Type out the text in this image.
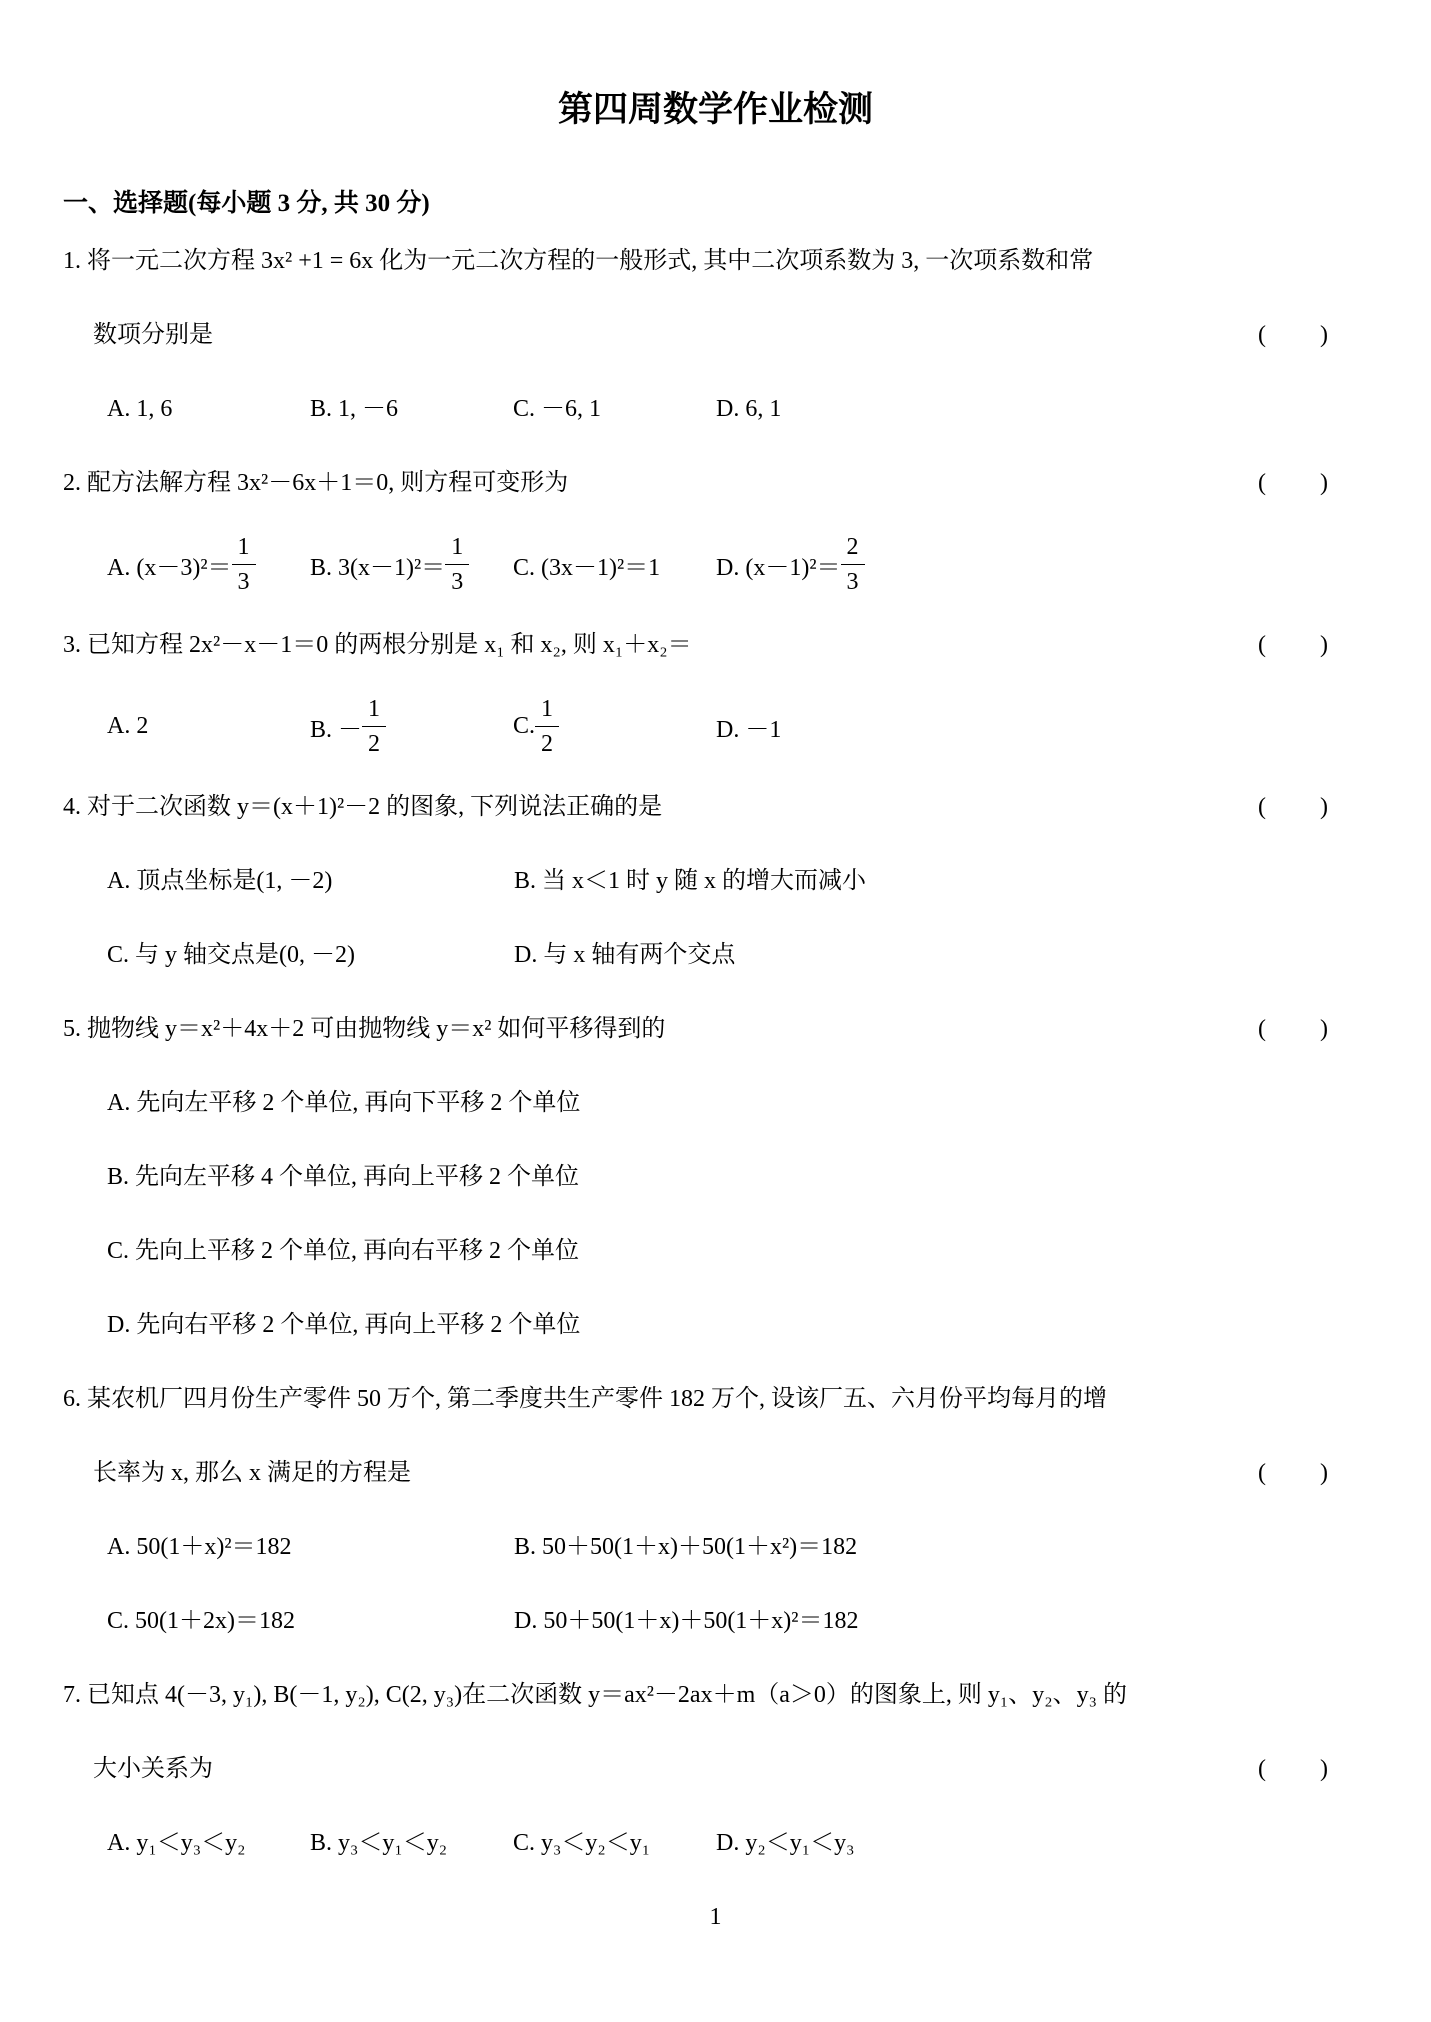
第四周数学作业检测
一、选择题(每小题 3 分, 共 30 分)
1. 将一元二次方程 3x² +1 = 6x 化为一元二次方程的一般形式, 其中二次项系数为 3, 一次项系数和常
数项分别是	(　　)
A. 1, 6	B. 1, －6	C. －6, 1	D. 6, 1
2. 配方法解方程 3x²－6x＋1＝0, 则方程可变形为	(　　)
A. $(x-3)^2= \frac{1}{3} B$. $3(x-1)^2= \frac{1}{3} C$. (3x－1)²＝1	D. $(x-1)^2= \frac{2}{3}$
3. 已知方程 2x²－x－1＝0 的两根分别是 x₁ 和 x₂, 则 x₁＋x₂＝	(　　)
A. 2	B. － $\frac{1}{2}$	C. $\frac{1}{2}$	D. －1
4. 对于二次函数 y＝(x＋1)²－2 的图象, 下列说法正确的是	(　　)
A. 顶点坐标是(1, －2)	B. 当 x＜1 时 y 随 x 的增大而减小
C. 与 y 轴交点是(0, －2)	D. 与 x 轴有两个交点
5. 抛物线 y＝x²＋4x＋2 可由抛物线 y＝x² 如何平移得到的	(　　)
A. 先向左平移 2 个单位, 再向下平移 2 个单位
B. 先向左平移 4 个单位, 再向上平移 2 个单位
C. 先向上平移 2 个单位, 再向右平移 2 个单位
D. 先向右平移 2 个单位, 再向上平移 2 个单位
6. 某农机厂四月份生产零件 50 万个, 第二季度共生产零件 182 万个, 设该厂五、六月份平均每月的增
长率为 x, 那么 x 满足的方程是	(　　)
A. 50(1＋x)²＝182	B. 50＋50(1＋x)＋50(1＋x²)＝182
C. 50(1＋2x)＝182	D. 50＋50(1＋x)＋50(1＋x)²＝182
7. 已知点 4(－3, y₁), B(－1, y₂), C(2, y₃)在二次函数 y＝ax²－2ax＋m（a＞0）的图象上, 则 y₁、y₂、y₃ 的
大小关系为	(　　)
A. y₁＜y₃＜y₂	B. y₃＜y₁＜y₂	C. y₃＜y₂＜y₁	D. y₂＜y₁＜y₃
1
